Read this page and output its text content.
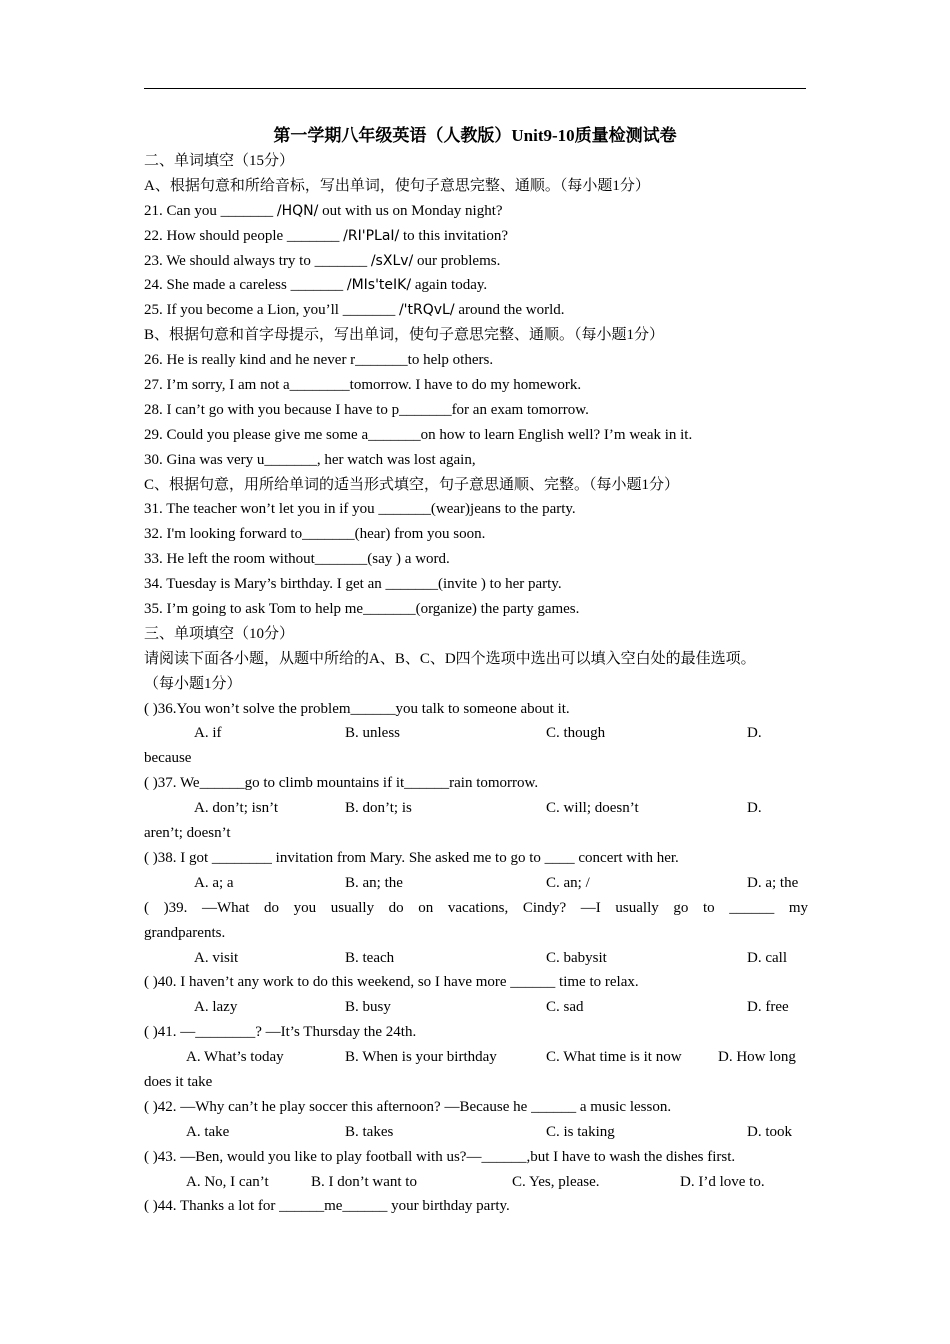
第一学期八年级英语（人教版）Unit9-10质量检测试卷
二、单词填空（15分）
A、根据句意和所给音标，写出单词，使句子意思完整、通顺。（每小题1分）
21. Can you _______ /HQN/ out with us on Monday night?
22. How should people _______ /RI'PLaI/ to this invitation?
23. We should always try to _______ /sXLv/ our problems.
24. She made a careless _______ /MIs'teIK/ again today.
25. If you become a Lion, you’ll _______ /'tRQvL/ around the world.
B、根据句意和首字母提示，写出单词，使句子意思完整、通顺。（每小题1分）
26. He is really kind and he never r_______to help others.
27. I’m sorry, I am not a________tomorrow. I have to do my homework.
28. I can’t go with you because I have to p_______for an exam tomorrow.
29. Could you please give me some a_______on how to learn English well? I’m weak in it.
30. Gina was very u_______, her watch was lost again,
C、根据句意，用所给单词的适当形式填空，句子意思通顺、完整。（每小题1分）
31. The teacher won’t let you in if you _______(wear)jeans to the party.
32. I'm looking forward to_______(hear) from you soon.
33. He left the room without_______(say ) a word.
34. Tuesday is Mary’s birthday. I get an _______(invite ) to her party.
35. I’m going to ask Tom to help me_______(organize) the party games.
三、单项填空（10分）
请阅读下面各小题，从题中所给的A、B、C、D四个选项中选出可以填入空白处的最佳选项。
（每小题1分）
( )36.You won’t solve the problem______you talk to someone about it.
A. if	B. unless	C. though	D.
because
( )37. We______go to climb mountains if it______rain tomorrow.
A. don’t; isn’t	B. don’t; is	C. will; doesn’t	D.
aren’t; doesn’t
( )38. I got ________ invitation from Mary. She asked me to go to ____ concert with her.
A. a; a	B. an; the	C. an; /	D. a; the
( )39. —What do you usually do on vacations, Cindy? —I usually go to ______ my
grandparents.
A. visit	B. teach	C. babysit	D. call
( )40. I haven’t any work to do this weekend, so I have more ______ time to relax.
A. lazy	B. busy	C. sad	D. free
( )41. —________? —It’s Thursday the 24th.
A. What’s today	B. When is your birthday	C. What time is it now D. How long
does it take
( )42. —Why can’t he play soccer this afternoon? —Because he ______ a music lesson.
A. take	B. takes	C. is taking	D. took
( )43. —Ben, would you like to play football with us?—______,but I have to wash the dishes first.
A. No, I can’t	B. I don’t want to	C. Yes, please.	D. I’d love to.
( )44. Thanks a lot for ______me______ your birthday party.
